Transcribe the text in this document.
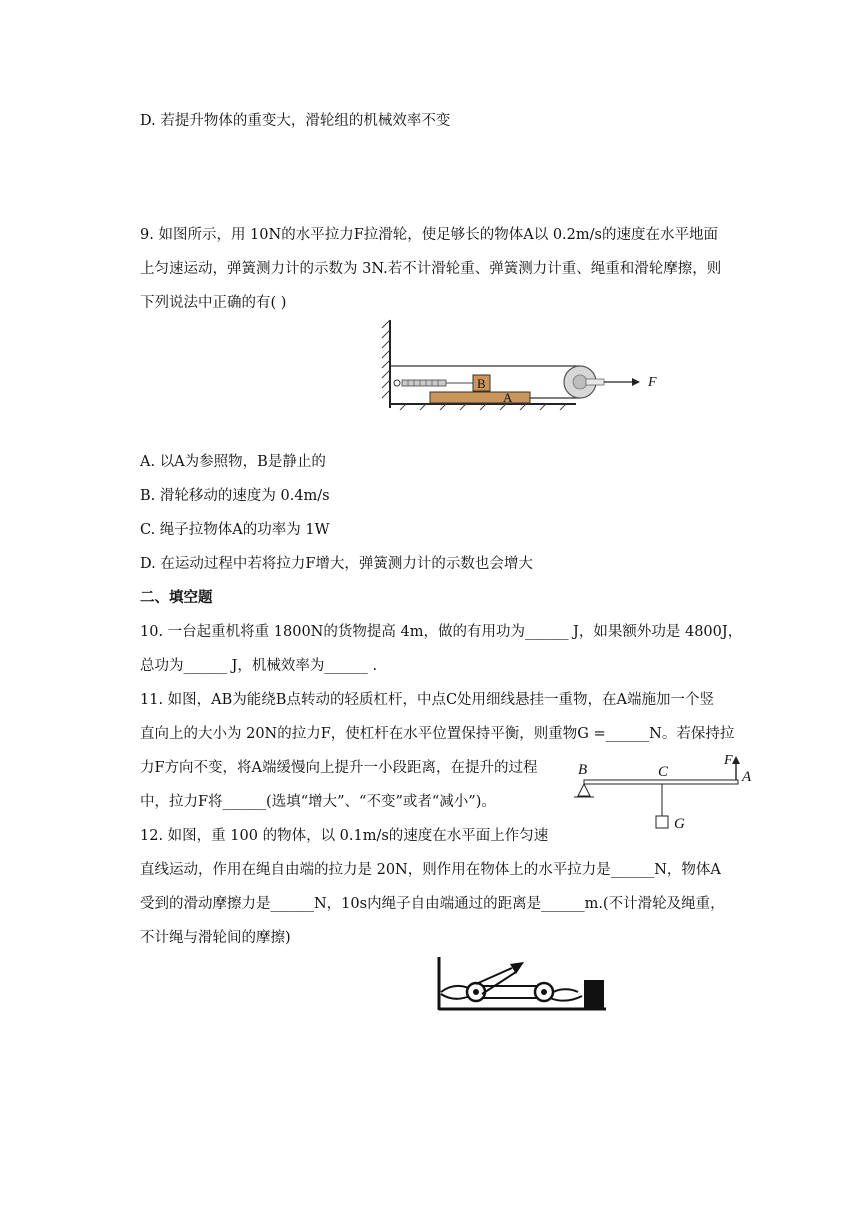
D. 若提升物体的重变大，滑轮组的机械效率不变
9. 如图所示，用 10N的水平拉力F拉滑轮，使足够长的物体A以 0.2m/s的速度在水平地面
上匀速运动，弹簧测力计的示数为 3N.若不计滑轮重、弹簧测力计重、绳重和滑轮摩擦，则
下列说法中正确的有( )
B
A
F
A. 以A为参照物，B是静止的
B. 滑轮移动的速度为 0.4m/s
C. 绳子拉物体A的功率为 1W
D. 在运动过程中若将拉力F增大，弹簧测力计的示数也会增大
二、填空题
10. 一台起重机将重 1800N的货物提高 4m，做的有用功为______ J，如果额外功是 4800J，
总功为______ J，机械效率为______ .
11. 如图，AB为能绕B点转动的轻质杠杆，中点C处用细线悬挂一重物，在A端施加一个竖
直向上的大小为 20N的拉力F，使杠杆在水平位置保持平衡，则重物G =______N。若保持拉
力F方向不变，将A端缓慢向上提升一小段距离，在提升的过程
中，拉力F将______(选填“增大”、“不变”或者“减小”)。
B	C
F
A
G
12. 如图，重 100 的物体，以 0.1m/s的速度在水平面上作匀速
直线运动，作用在绳自由端的拉力是 20N，则作用在物体上的水平拉力是______N，物体A
受到的滑动摩擦力是______N，10s内绳子自由端通过的距离是______m.(不计滑轮及绳重，
不计绳与滑轮间的摩擦)
